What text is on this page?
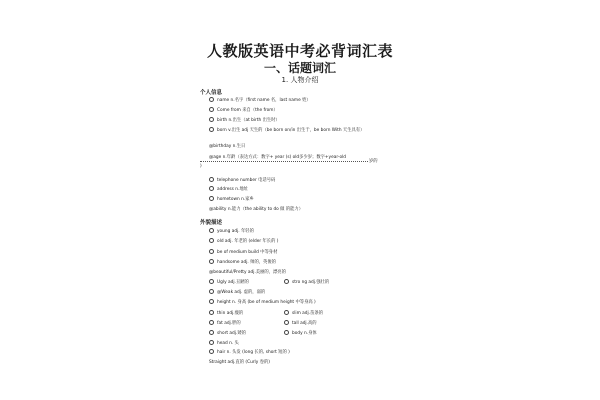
人教版英语中考必背词汇表
一、话题词汇
1. 人物介绍
个人信息
name n.名字（first name 名，last name 姓）
Come from 来自（the from）
birth n.出生（at birth 出生时）
born v.出生 adj 天生的（be born on/in 出生于，be born With 天生具有）
@birthday n.生日
@age n.年龄（表达方式：数字+ year (s) old多少岁；数字+year-old
岁的
)
telephone number 电话号码
address n.地址
hometown n.家乡
@ability n.能力（the ability to do 做 的能力）
外貌描述
young adj. 年轻的
old adj. 年老的 (elder 年长的 )
be of medium build 中等身材
handsome adj. 帅的，英俊的
@beautiful/Pretty adj.美丽的，漂亮的
Ugly adj.丑陋的
@Weak adj. 虚的，弱的
height n. 身高 (be of medium height 中等身高 )
thin adj.瘦的
fat adj.胖的
short adj.矮的
head n. 头
hair n. 头发 (long 长的, short 短的 )
Straight adj.直的 (Curly 卷的)
stro ng adj.强壮的
slim adj.苗条的
tall adj.高的
body n.身体
